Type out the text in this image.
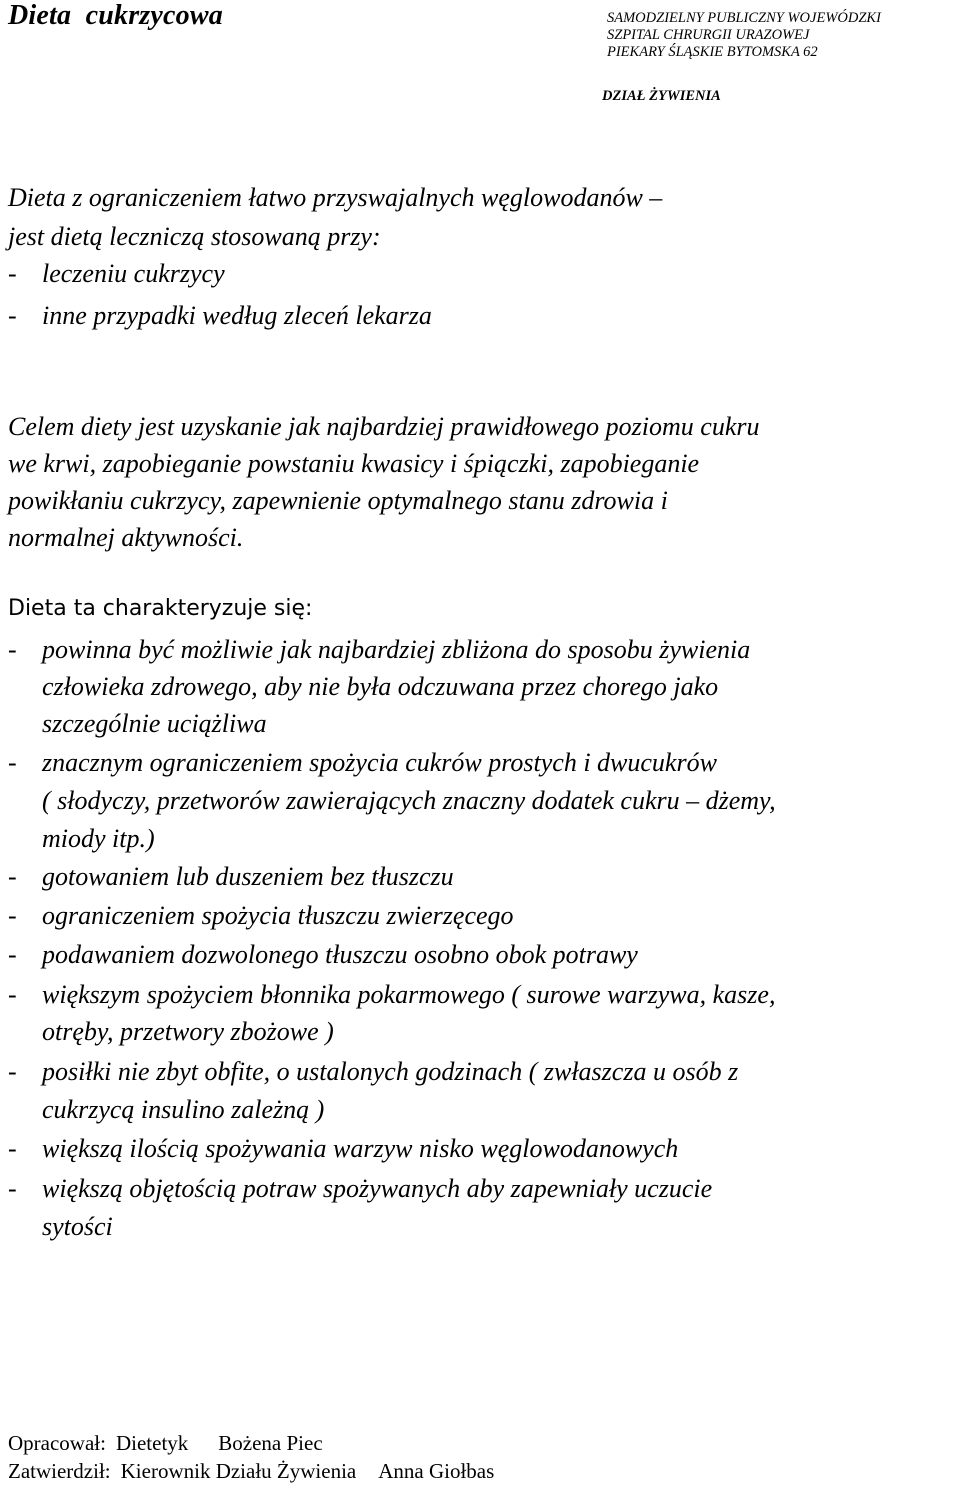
Dieta  cukrzycowa	SAMODZIELNY PUBLICZNY WOJEWÓDZKI
SZPITAL CHRURGII URAZOWEJ
PIEKARY ŚLĄSKIE BYTOMSKA 62
DZIAŁ ŻYWIENIA
Dieta z ograniczeniem łatwo przyswajalnych węglowodanów –
jest dietą leczniczą stosowaną przy:
- leczeniu cukrzycy
- inne przypadki według zleceń lekarza
Celem diety jest uzyskanie jak najbardziej prawidłowego poziomu cukru
we krwi, zapobieganie powstaniu kwasicy i śpiączki, zapobieganie
powikłaniu cukrzycy, zapewnienie optymalnego stanu zdrowia i
normalnej aktywności.
Dieta ta charakteryzuje się:
- powinna być możliwie jak najbardziej zbliżona do sposobu żywienia
człowieka zdrowego, aby nie była odczuwana przez chorego jako
szczególnie uciążliwa
- znacznym ograniczeniem spożycia cukrów prostych i dwucukrów
( słodyczy, przetworów zawierających znaczny dodatek cukru – dżemy,
miody itp.)
- gotowaniem lub duszeniem bez tłuszczu
- ograniczeniem spożycia tłuszczu zwierzęcego
- podawaniem dozwolonego tłuszczu osobno obok potrawy
- większym spożyciem błonnika pokarmowego ( surowe warzywa, kasze,
otręby, przetwory zbożowe )
- posiłki nie zbyt obfite, o ustalonych godzinach ( zwłaszcza u osób z
cukrzycą insulino zależną )
- większą ilością spożywania warzyw nisko węglowodanowych
- większą objętością potraw spożywanych aby zapewniały uczucie
sytości
Opracował: Dietetyk Bożena Piec
Zatwierdził: Kierownik Działu Żywienia Anna Giołbas
